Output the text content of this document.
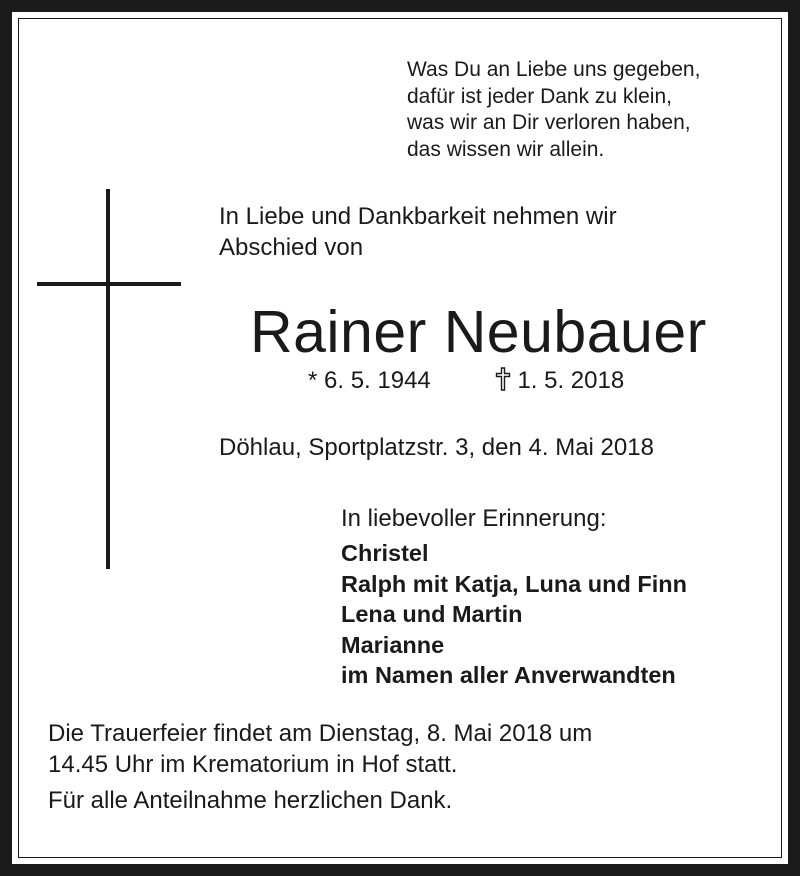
Was Du an Liebe uns gegeben,
dafür ist jeder Dank zu klein,
was wir an Dir verloren haben,
das wissen wir allein.
In Liebe und Dankbarkeit nehmen wir
Abschied von
Rainer Neubauer
* 6. 5. 1944	1. 5. 2018
Döhlau, Sportplatzstr. 3, den 4. Mai 2018
In liebevoller Erinnerung:
Christel
Ralph mit Katja, Luna und Finn
Lena und Martin
Marianne
im Namen aller Anverwandten
Die Trauerfeier findet am Dienstag, 8. Mai 2018 um
14.45 Uhr im Krematorium in Hof statt.
Für alle Anteilnahme herzlichen Dank.
